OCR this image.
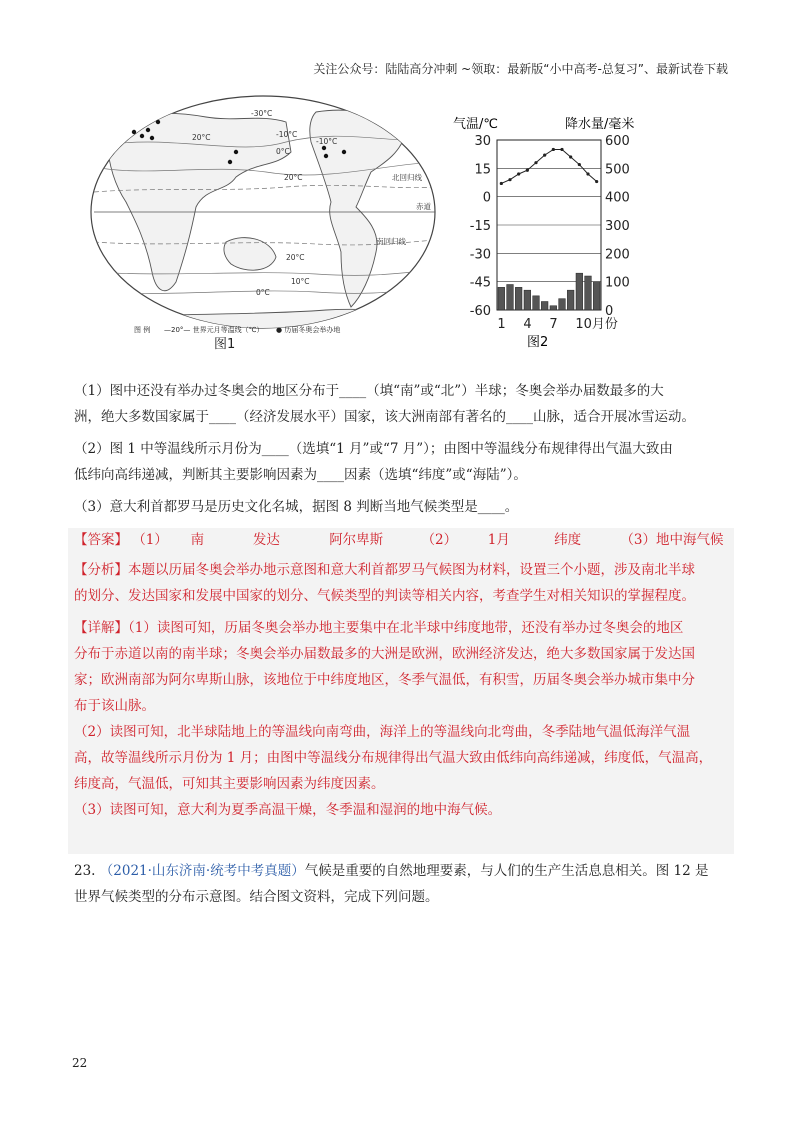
关注公众号：陆陆高分冲刺 ~领取：最新版“小中高考-总复习”、最新试卷下载
-30°C
20°C	-10°C
-10°C
0°C
20°C
20°C
10°C
0°C
北回归线
赤道
南回归线
图 例 —20°— 世界元月等温线（℃） ● 历届冬奥会举办地
图1
气温/℃	降水量/毫米
30
15
0
-15
-30
-45
-60
600
500
400
300
200
100
0
1 4 7 10月份
图2
（1）图中还没有举办过冬奥会的地区分布于____（填“南”或“北”）半球；冬奥会举办届数最多的大
洲，绝大多数国家属于____（经济发展水平）国家，该大洲南部有著名的____山脉，适合开展冰雪运动。
（2）图 1 中等温线所示月份为____（选填“1 月”或“7 月”）；由图中等温线分布规律得出气温大致由
低纬向高纬递减，判断其主要影响因素为____因素（选填“纬度”或“海陆”）。
（3）意大利首都罗马是历史文化名城，据图 8 判断当地气候类型是____。
【答案】 （1） 南	发达	阿尔卑斯	（2） 1月	纬度	（3）地中海气候
【分析】本题以历届冬奥会举办地示意图和意大利首都罗马气候图为材料，设置三个小题，涉及南北半球
的划分、发达国家和发展中国家的划分、气候类型的判读等相关内容，考查学生对相关知识的掌握程度。
【详解】（1）读图可知，历届冬奥会举办地主要集中在北半球中纬度地带，还没有举办过冬奥会的地区
分布于赤道以南的南半球；冬奥会举办届数最多的大洲是欧洲，欧洲经济发达，绝大多数国家属于发达国
家；欧洲南部为阿尔卑斯山脉，该地位于中纬度地区，冬季气温低，有积雪，历届冬奥会举办城市集中分
布于该山脉。
（2）读图可知，北半球陆地上的等温线向南弯曲，海洋上的等温线向北弯曲，冬季陆地气温低海洋气温
高，故等温线所示月份为 1 月；由图中等温线分布规律得出气温大致由低纬向高纬递减，纬度低，气温高，
纬度高，气温低，可知其主要影响因素为纬度因素。
（3）读图可知，意大利为夏季高温干燥，冬季温和湿润的地中海气候。
23. （2021·山东济南·统考中考真题）气候是重要的自然地理要素，与人们的生产生活息息相关。图 12 是
世界气候类型的分布示意图。结合图文资料，完成下列问题。
22
